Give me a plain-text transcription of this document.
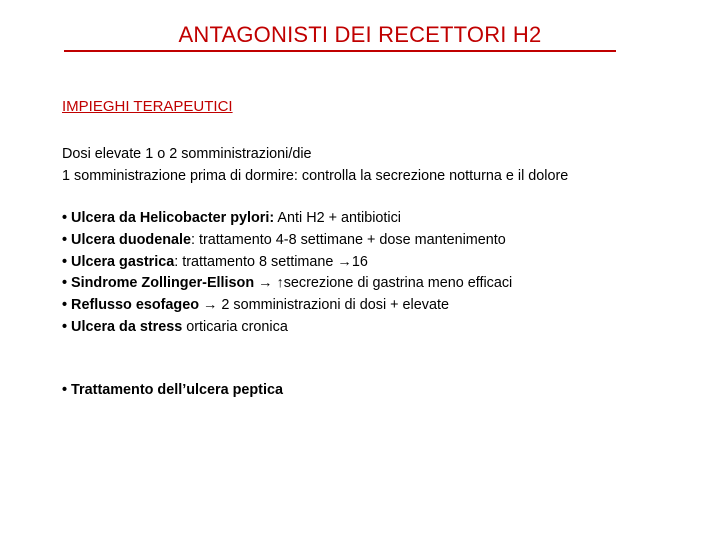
ANTAGONISTI DEI RECETTORI H2
IMPIEGHI TERAPEUTICI
Dosi elevate 1 o 2 somministrazioni/die
1 somministrazione prima di dormire: controlla la secrezione notturna e il dolore
• Ulcera da Helicobacter pylori: Anti H2 + antibiotici
• Ulcera duodenale: trattamento 4-8 settimane + dose mantenimento
• Ulcera gastrica: trattamento 8 settimane →16
• Sindrome Zollinger-Ellison → ↑secrezione di gastrina meno efficaci
• Reflusso esofageo → 2 somministrazioni di dosi + elevate
• Ulcera da stress orticaria cronica
• Trattamento dell’ulcera peptica
